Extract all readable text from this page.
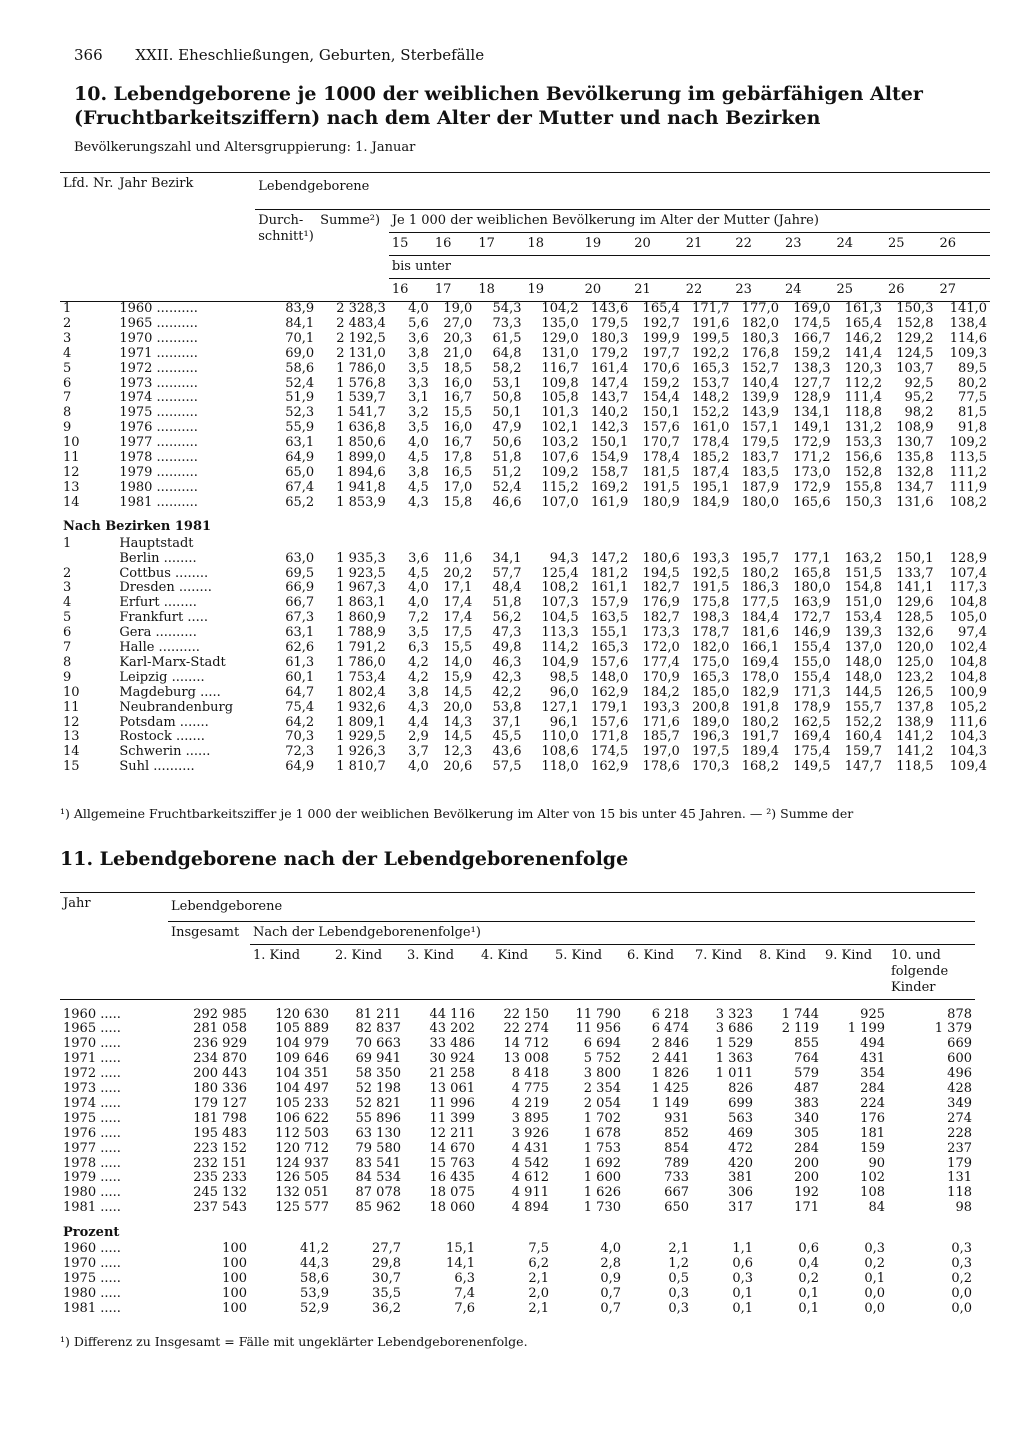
366 XXII. Eheschließungen, Geburten, Sterbefälle
10. Lebendgeborene je 1000 der weiblichen Bevölkerung im gebärfähigen Alter
(Fruchtbarkeitsziffern) nach dem Alter der Mutter und nach Bezirken
Bevölkerungszahl und Altersgruppierung: 1. Januar
Lfd. Nr.	Jahr Bezirk	Lebendgeborene													
		Durch- schnitt¹)	Summe²)	Je 1 000 der weiblichen Bevölkerung im Alter der Mutter (Jahre)											
				15	16	17	18	19	20	21	22	23	24	25	26
				bis unter											
				16	17	18	19	20	21	22	23	24	25	26	27
1	1960 ..........	83,9	2 328,3	4,0	19,0	54,3	104,2	143,6	165,4	171,7	177,0	169,0	161,3	150,3	141,0
2	1965 ..........	84,1	2 483,4	5,6	27,0	73,3	135,0	179,5	192,7	191,6	182,0	174,5	165,4	152,8	138,4
3	1970 ..........	70,1	2 192,5	3,6	20,3	61,5	129,0	180,3	199,9	199,5	180,3	166,7	146,2	129,2	114,6
4	1971 ..........	69,0	2 131,0	3,8	21,0	64,8	131,0	179,2	197,7	192,2	176,8	159,2	141,4	124,5	109,3
5	1972 ..........	58,6	1 786,0	3,5	18,5	58,2	116,7	161,4	170,6	165,3	152,7	138,3	120,3	103,7	89,5
6	1973 ..........	52,4	1 576,8	3,3	16,0	53,1	109,8	147,4	159,2	153,7	140,4	127,7	112,2	92,5	80,2
7	1974 ..........	51,9	1 539,7	3,1	16,7	50,8	105,8	143,7	154,4	148,2	139,9	128,9	111,4	95,2	77,5
8	1975 ..........	52,3	1 541,7	3,2	15,5	50,1	101,3	140,2	150,1	152,2	143,9	134,1	118,8	98,2	81,5
9	1976 ..........	55,9	1 636,8	3,5	16,0	47,9	102,1	142,3	157,6	161,0	157,1	149,1	131,2	108,9	91,8
10	1977 ..........	63,1	1 850,6	4,0	16,7	50,6	103,2	150,1	170,7	178,4	179,5	172,9	153,3	130,7	109,2
11	1978 ..........	64,9	1 899,0	4,5	17,8	51,8	107,6	154,9	178,4	185,2	183,7	171,2	156,6	135,8	113,5
12	1979 ..........	65,0	1 894,6	3,8	16,5	51,2	109,2	158,7	181,5	187,4	183,5	173,0	152,8	132,8	111,2
13	1980 ..........	67,4	1 941,8	4,5	17,0	52,4	115,2	169,2	191,5	195,1	187,9	172,9	155,8	134,7	111,9
14	1981 ..........	65,2	1 853,9	4,3	15,8	46,6	107,0	161,9	180,9	184,9	180,0	165,6	150,3	131,6	108,2
Nach Bezirken 1981															
1	Hauptstadt														
	Berlin ........	63,0	1 935,3	3,6	11,6	34,1	94,3	147,2	180,6	193,3	195,7	177,1	163,2	150,1	128,9
2	Cottbus ........	69,5	1 923,5	4,5	20,2	57,7	125,4	181,2	194,5	192,5	180,2	165,8	151,5	133,7	107,4
3	Dresden ........	66,9	1 967,3	4,0	17,1	48,4	108,2	161,1	182,7	191,5	186,3	180,0	154,8	141,1	117,3
4	Erfurt ........	66,7	1 863,1	4,0	17,4	51,8	107,3	157,9	176,9	175,8	177,5	163,9	151,0	129,6	104,8
5	Frankfurt .....	67,3	1 860,9	7,2	17,4	56,2	104,5	163,5	182,7	198,3	184,4	172,7	153,4	128,5	105,0
6	Gera ..........	63,1	1 788,9	3,5	17,5	47,3	113,3	155,1	173,3	178,7	181,6	146,9	139,3	132,6	97,4
7	Halle ..........	62,6	1 791,2	6,3	15,5	49,8	114,2	165,3	172,0	182,0	166,1	155,4	137,0	120,0	102,4
8	Karl-Marx-Stadt	61,3	1 786,0	4,2	14,0	46,3	104,9	157,6	177,4	175,0	169,4	155,0	148,0	125,0	104,8
9	Leipzig ........	60,1	1 753,4	4,2	15,9	42,3	98,5	148,0	170,9	165,3	178,0	155,4	148,0	123,2	104,8
10	Magdeburg .....	64,7	1 802,4	3,8	14,5	42,2	96,0	162,9	184,2	185,0	182,9	171,3	144,5	126,5	100,9
11	Neubrandenburg	75,4	1 932,6	4,3	20,0	53,8	127,1	179,1	193,3	200,8	191,8	178,9	155,7	137,8	105,2
12	Potsdam .......	64,2	1 809,1	4,4	14,3	37,1	96,1	157,6	171,6	189,0	180,2	162,5	152,2	138,9	111,6
13	Rostock .......	70,3	1 929,5	2,9	14,5	45,5	110,0	171,8	185,7	196,3	191,7	169,4	160,4	141,2	104,3
14	Schwerin ......	72,3	1 926,3	3,7	12,3	43,6	108,6	174,5	197,0	197,5	189,4	175,4	159,7	141,2	104,3
15	Suhl ..........	64,9	1 810,7	4,0	20,6	57,5	118,0	162,9	178,6	170,3	168,2	149,5	147,7	118,5	109,4
¹) Allgemeine Fruchtbarkeitsziffer je 1 000 der weiblichen Bevölkerung im Alter von 15 bis unter 45 Jahren. — ²) Summe der
11. Lebendgeborene nach der Lebendgeborenenfolge
Jahr	Lebendgeborene										
	Insgesamt	Nach der Lebendgeborenenfolge¹)									
		1. Kind	2. Kind	3. Kind	4. Kind	5. Kind	6. Kind	7. Kind	8. Kind	9. Kind	10. und folgende Kinder

1960 .....	292 985	120 630	81 211	44 116	22 150	11 790	6 218	3 323	1 744	925	878
1965 .....	281 058	105 889	82 837	43 202	22 274	11 956	6 474	3 686	2 119	1 199	1 379
1970 .....	236 929	104 979	70 663	33 486	14 712	6 694	2 846	1 529	855	494	669
1971 .....	234 870	109 646	69 941	30 924	13 008	5 752	2 441	1 363	764	431	600
1972 .....	200 443	104 351	58 350	21 258	8 418	3 800	1 826	1 011	579	354	496
1973 .....	180 336	104 497	52 198	13 061	4 775	2 354	1 425	826	487	284	428
1974 .....	179 127	105 233	52 821	11 996	4 219	2 054	1 149	699	383	224	349
1975 .....	181 798	106 622	55 896	11 399	3 895	1 702	931	563	340	176	274
1976 .....	195 483	112 503	63 130	12 211	3 926	1 678	852	469	305	181	228
1977 .....	223 152	120 712	79 580	14 670	4 431	1 753	854	472	284	159	237
1978 .....	232 151	124 937	83 541	15 763	4 542	1 692	789	420	200	90	179
1979 .....	235 233	126 505	84 534	16 435	4 612	1 600	733	381	200	102	131
1980 .....	245 132	132 051	87 078	18 075	4 911	1 626	667	306	192	108	118
1981 .....	237 543	125 577	85 962	18 060	4 894	1 730	650	317	171	84	98
Prozent											
1960 .....	100	41,2	27,7	15,1	7,5	4,0	2,1	1,1	0,6	0,3	0,3
1970 .....	100	44,3	29,8	14,1	6,2	2,8	1,2	0,6	0,4	0,2	0,3
1975 .....	100	58,6	30,7	6,3	2,1	0,9	0,5	0,3	0,2	0,1	0,2
1980 .....	100	53,9	35,5	7,4	2,0	0,7	0,3	0,1	0,1	0,0	0,0
1981 .....	100	52,9	36,2	7,6	2,1	0,7	0,3	0,1	0,1	0,0	0,0
¹) Differenz zu Insgesamt = Fälle mit ungeklärter Lebendgeborenenfolge.
